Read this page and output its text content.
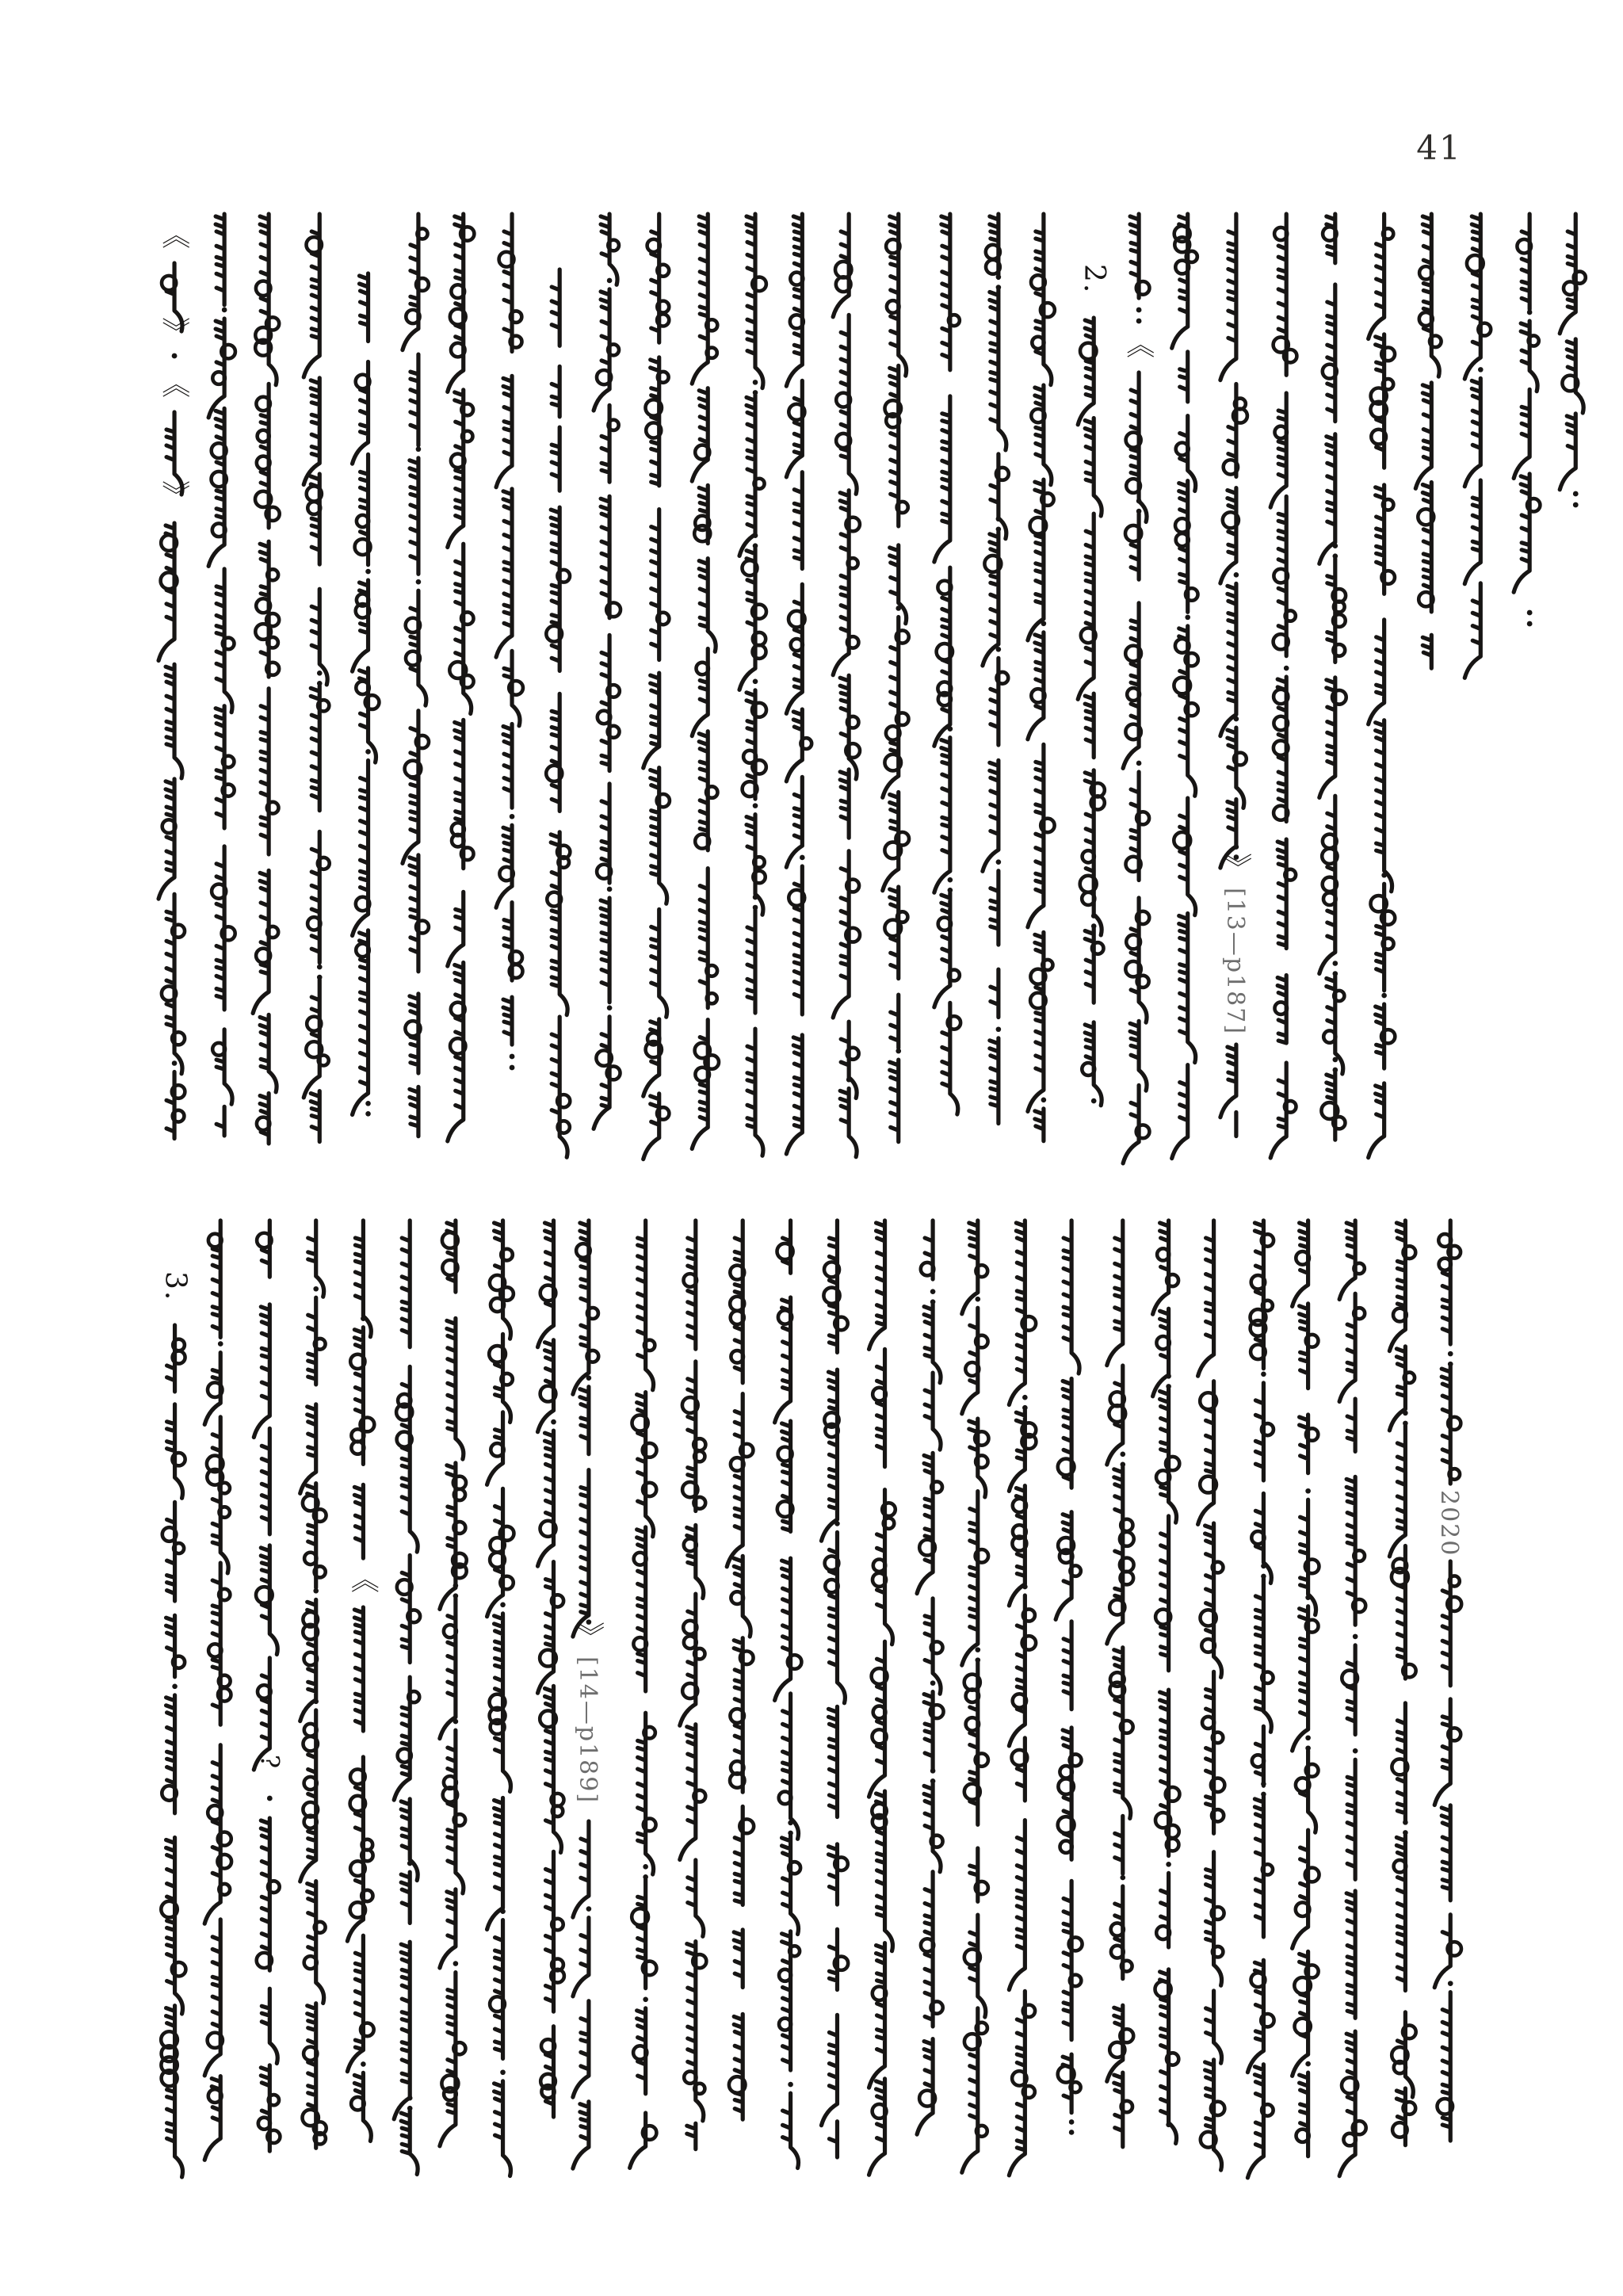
41
《
》
《
》
2.
《
》
[13—p187]
3.
?
《
》
[14—p189]
2020
